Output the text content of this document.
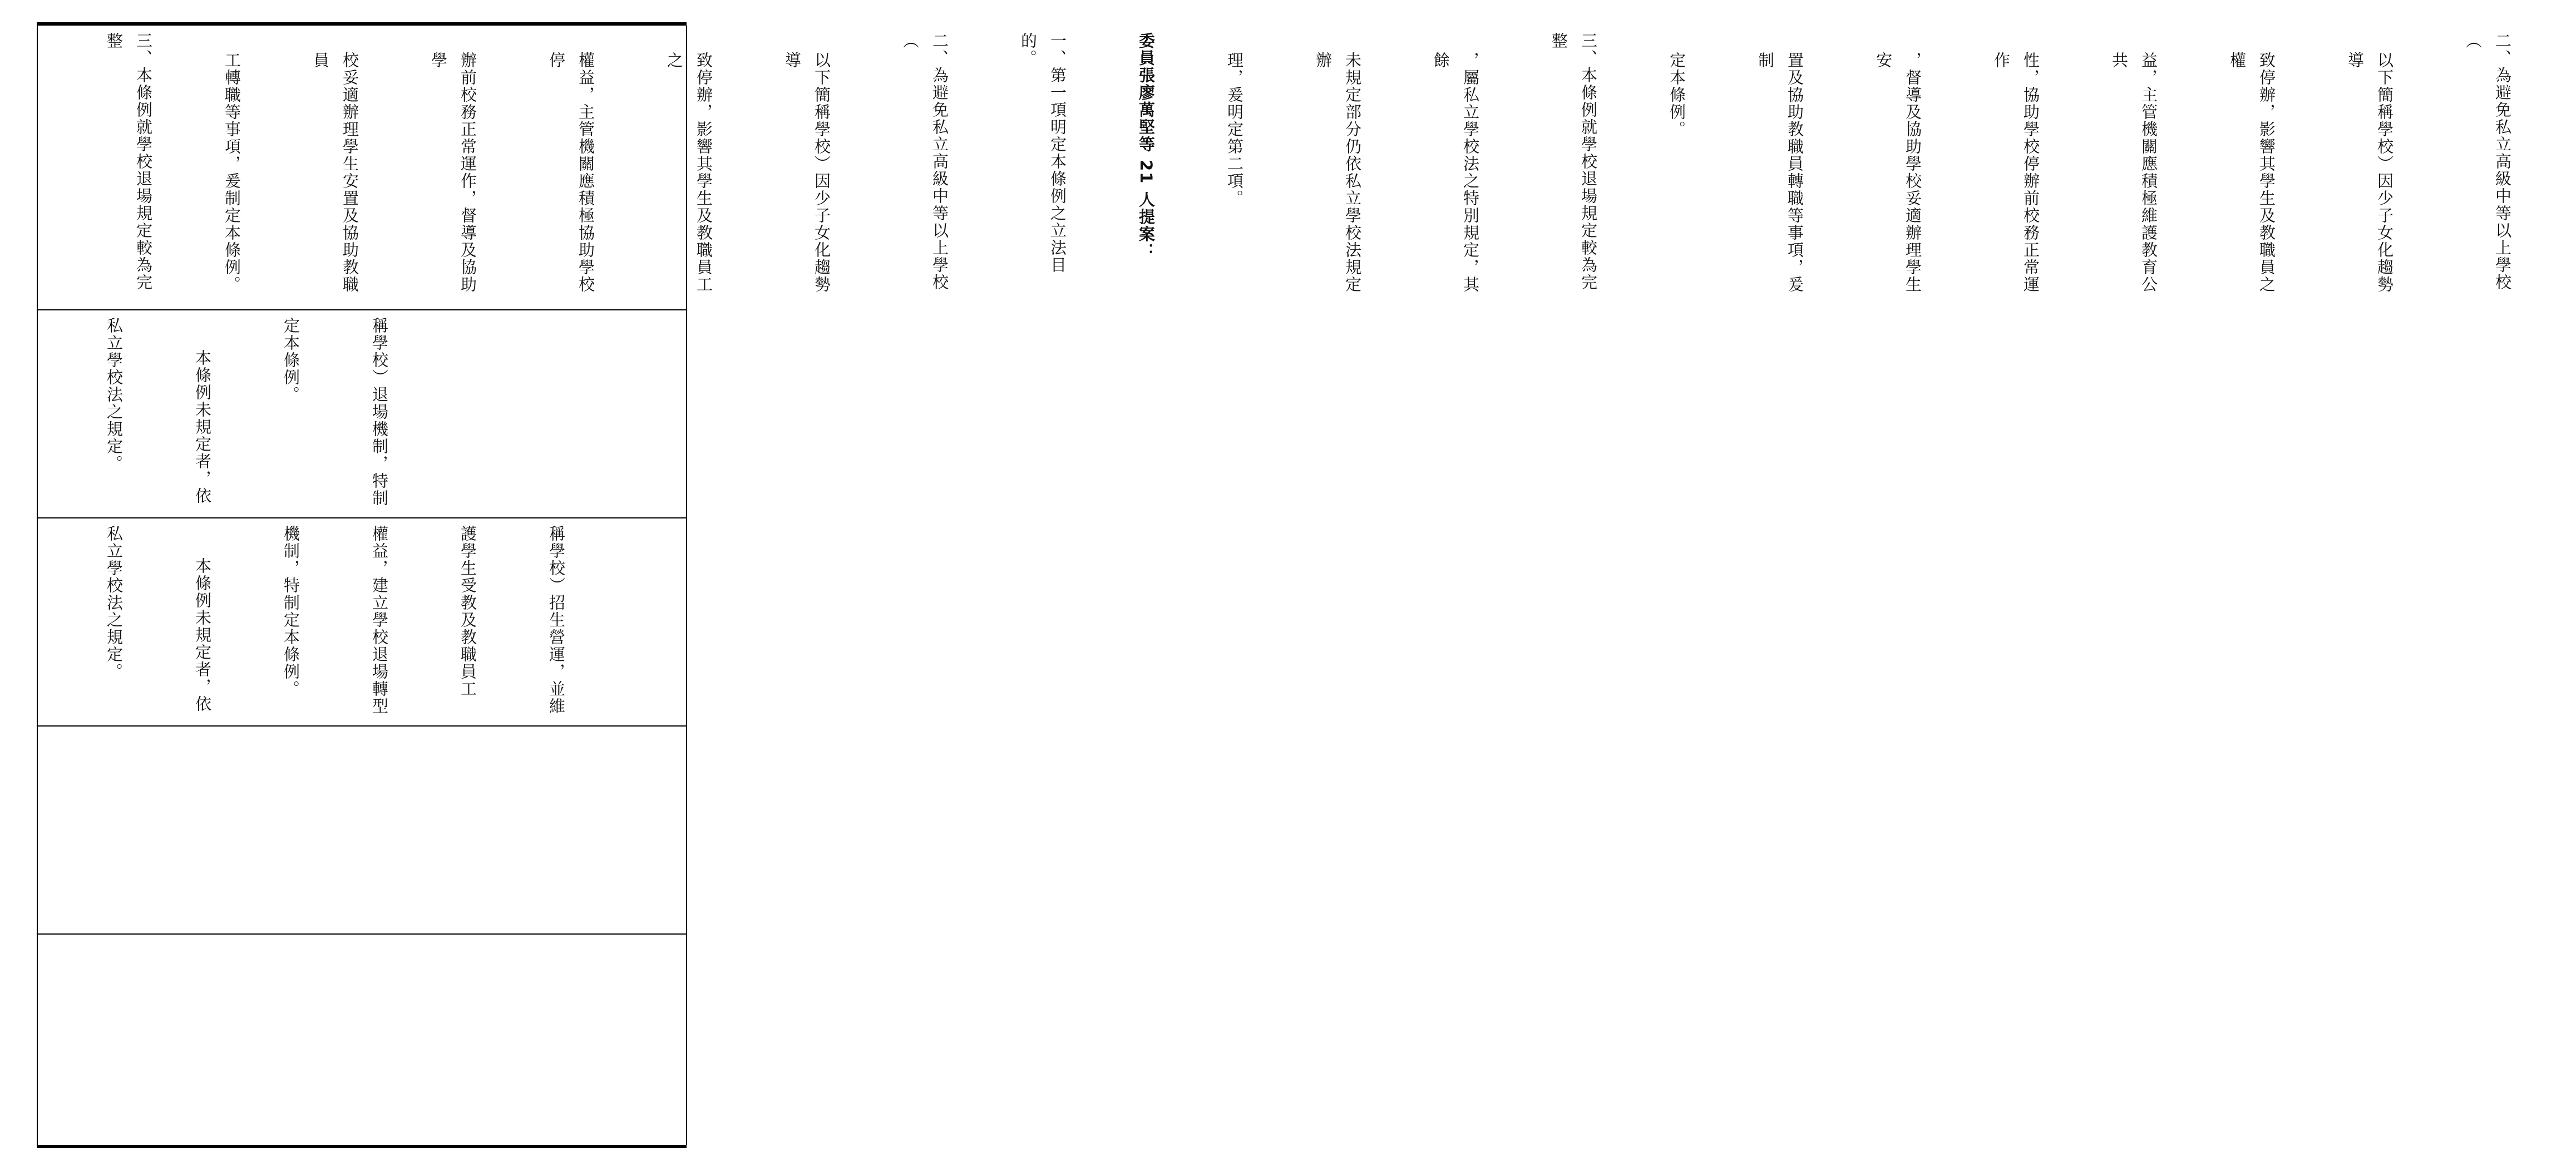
二、為避免私立高級中等以上學校（

以下簡稱學校）因少子女化趨勢導

致停辦，影響其學生及教職員之權

益，主管機關應積極維護教育公共

性，協助學校停辦前校務正常運作

，督導及協助學校妥適辦理學生安

置及協助教職員轉職等事項，爰制

定本條例。

三、本條例就學校退場規定較為完整

，屬私立學校法之特別規定，其餘

未規定部分仍依私立學校法規定辦

理，爰明定第二項。

委員張廖萬堅等 21 人提案：

一、第一項明定本條例之立法目的。

二、為避免私立高級中等以上學校（

以下簡稱學校）因少子女化趨勢導

致停辦，影響其學生及教職員工之

權益，主管機關應積極協助學校停

辦前校務正常運作，督導及協助學

校妥適辦理學生安置及協助教職員

工轉職等事項，爰制定本條例。

三、本條例就學校退場規定較為完整

稱學校）退場機制，特制

定本條例。

本條例未規定者，依

私立學校法之規定。

稱學校）招生營運，並維

護學生受教及教職員工

權益，建立學校退場轉型

機制，特制定本條例。

本條例未規定者，依

私立學校法之規定。
